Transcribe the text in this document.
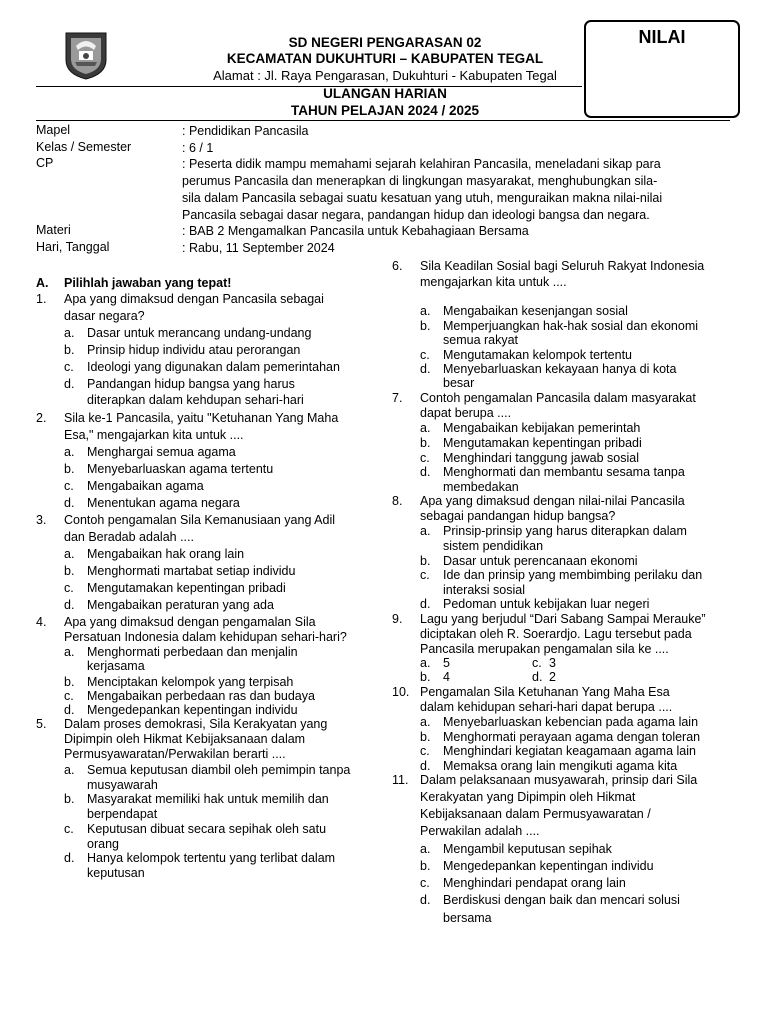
SD NEGERI PENGARASAN 02
KECAMATAN DUKUHTURI – KABUPATEN TEGAL
Alamat : Jl. Raya Pengarasan, Dukuhturi - Kabupaten Tegal
ULANGAN HARIAN
TAHUN PELAJAN 2024 / 2025
NILAI
Mapel	: Pendidikan Pancasila
Kelas / Semester	: 6 / 1
CP	: Peserta didik mampu memahami sejarah kelahiran Pancasila, meneladani sikap para
perumus Pancasila dan menerapkan di lingkungan masyarakat, menghubungkan sila-
sila dalam Pancasila sebagai suatu kesatuan yang utuh, menguraikan makna nilai-nilai
Pancasila sebagai dasar negara, pandangan hidup dan ideologi bangsa dan negara.
Materi	: BAB 2 Mengamalkan Pancasila untuk Kebahagiaan Bersama
Hari, Tanggal	: Rabu, 11 September 2024
A. Pilihlah jawaban yang tepat!
1. Apa yang dimaksud dengan Pancasila sebagai
dasar negara?
a. Dasar untuk merancang undang-undang
b. Prinsip hidup individu atau perorangan
c. Ideologi yang digunakan dalam pemerintahan
d. Pandangan hidup bangsa yang harus
diterapkan dalam kehdupan sehari-hari
2. Sila ke-1 Pancasila, yaitu "Ketuhanan Yang Maha
Esa," mengajarkan kita untuk ....
a. Menghargai semua agama
b. Menyebarluaskan agama tertentu
c. Mengabaikan agama
d. Menentukan agama negara
3. Contoh pengamalan Sila Kemanusiaan yang Adil
dan Beradab adalah ....
a. Mengabaikan hak orang lain
b. Menghormati martabat setiap individu
c. Mengutamakan kepentingan pribadi
d. Mengabaikan peraturan yang ada
4. Apa yang dimaksud dengan pengamalan Sila
Persatuan Indonesia dalam kehidupan sehari-hari?
a. Menghormati perbedaan dan menjalin
kerjasama
b. Menciptakan kelompok yang terpisah
c. Mengabaikan perbedaan ras dan budaya
d. Mengedepankan kepentingan individu
5. Dalam proses demokrasi, Sila Kerakyatan yang
Dipimpin oleh Hikmat Kebijaksanaan dalam
Permusyawaratan/Perwakilan berarti ....
a. Semua keputusan diambil oleh pemimpin tanpa
musyawarah
b. Masyarakat memiliki hak untuk memilih dan
berpendapat
c. Keputusan dibuat secara sepihak oleh satu
orang
d. Hanya kelompok tertentu yang terlibat dalam
keputusan
6. Sila Keadilan Sosial bagi Seluruh Rakyat Indonesia
mengajarkan kita untuk ....
a. Mengabaikan kesenjangan sosial
b. Memperjuangkan hak-hak sosial dan ekonomi
semua rakyat
c. Mengutamakan kelompok tertentu
d. Menyebarluaskan kekayaan hanya di kota
besar
7. Contoh pengamalan Pancasila dalam masyarakat
dapat berupa ....
a. Mengabaikan kebijakan pemerintah
b. Mengutamakan kepentingan pribadi
c. Menghindari tanggung jawab sosial
d. Menghormati dan membantu sesama tanpa
membedakan
8. Apa yang dimaksud dengan nilai-nilai Pancasila
sebagai pandangan hidup bangsa?
a. Prinsip-prinsip yang harus diterapkan dalam
sistem pendidikan
b. Dasar untuk perencanaan ekonomi
c. Ide dan prinsip yang membimbing perilaku dan
interaksi sosial
d. Pedoman untuk kebijakan luar negeri
9. Lagu yang berjudul “Dari Sabang Sampai Merauke”
diciptakan oleh R. Soerardjo. Lagu tersebut pada
Pancasila merupakan pengamalan sila ke ....
a. 5	c. 3
b. 4	d. 2
10. Pengamalan Sila Ketuhanan Yang Maha Esa
dalam kehidupan sehari-hari dapat berupa ....
a. Menyebarluaskan kebencian pada agama lain
b. Menghormati perayaan agama dengan toleran
c. Menghindari kegiatan keagamaan agama lain
d. Memaksa orang lain mengikuti agama kita
11. Dalam pelaksanaan musyawarah, prinsip dari Sila
Kerakyatan yang Dipimpin oleh Hikmat
Kebijaksanaan dalam Permusyawaratan /
Perwakilan adalah ....
a. Mengambil keputusan sepihak
b. Mengedepankan kepentingan individu
c. Menghindari pendapat orang lain
d. Berdiskusi dengan baik dan mencari solusi
bersama
